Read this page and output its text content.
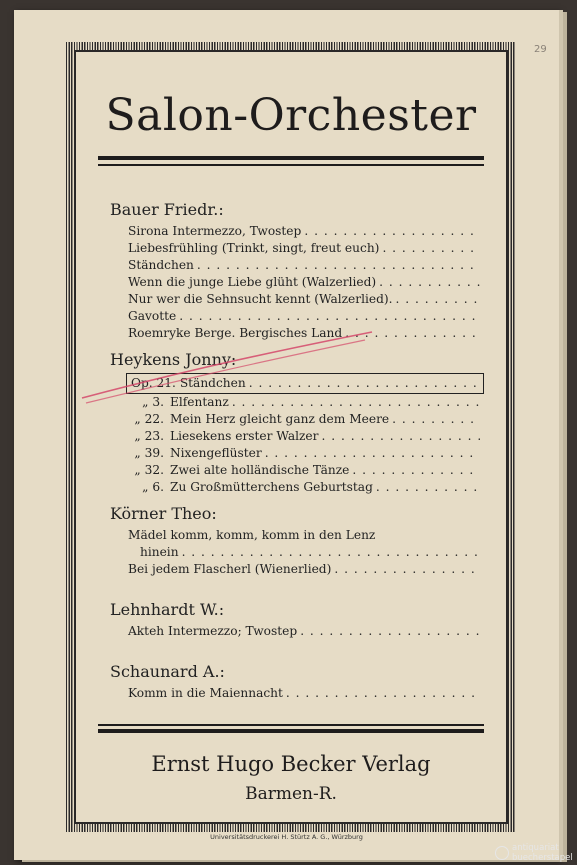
29
Salon-Orchester
Bauer Friedr.:
Sirona Intermezzo, Twostep
. . .
Liebesfrühling (Trinkt, singt, freut euch)
. . .
Ständchen
. . .
Wenn die junge Liebe glüht (Walzerlied)
. . .
Nur wer die Sehnsucht kennt (Walzerlied).
. . .
Gavotte
. . .
Roemryke Berge. Bergisches Land
. . .
Heykens Jonny:
Op. 21. Ständchen
. . .
„ 3. Elfentanz
. . .
„ 22. Mein Herz gleicht ganz dem Meere
. . .
„ 23. Liesekens erster Walzer
. . .
„ 39. Nixengeflüster
. . .
„ 32. Zwei alte holländische Tänze
. . .
„ 6. Zu Großmütterchens Geburtstag
. . .
Körner Theo:
Mädel komm, komm, komm in den Lenz
hinein
. . .
Bei jedem Flascherl (Wienerlied)
. . .
Lehnhardt W.:
Akteh Intermezzo; Twostep
. . .
Schaunard A.:
Komm in die Maiennacht
. . .
Ernst Hugo Becker Verlag
Barmen-R.
Universitätsdruckerei H. Stürtz A. G., Würzburg
antiquariat
buecherstapel
